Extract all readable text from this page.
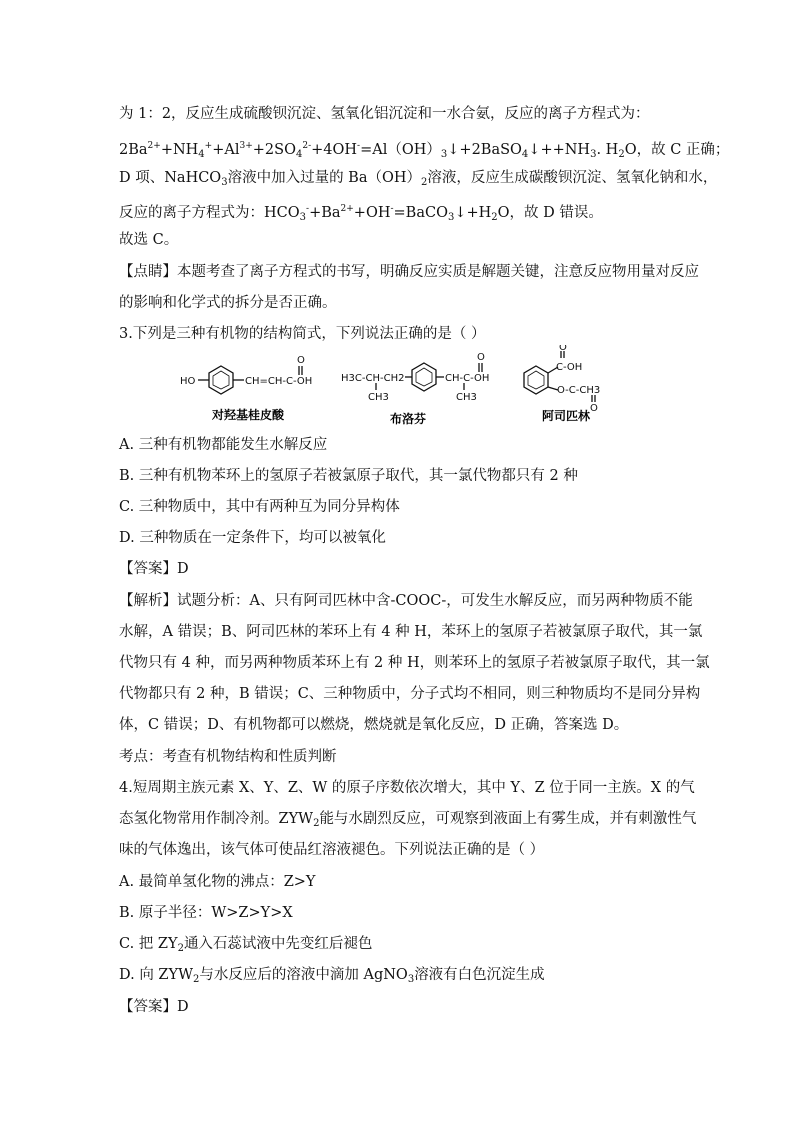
为 1：2，反应生成硫酸钡沉淀、氢氧化铝沉淀和一水合氨，反应的离子方程式为：
$2Ba^{2+}+NH_4^++Al^{3+}+2SO_4^{2-}+4OH^-=Al(OH)_3↓+2BaSO_4↓++NH_3$. $H_2O$，故 C 正确；
D 项、NaHCO$_3$溶液中加入过量的 $Ba(OH)_2$溶液，反应生成碳酸钡沉淀、氢氧化钠和水，
反应的离子方程式为：$HCO_3^-+Ba^{2+}+OH^-=BaCO_3↓+H_2O$，故 D 错误。
故选 C。
【点睛】本题考查了离子方程式的书写，明确反应实质是解题关键，注意反应物用量对反应
的影响和化学式的拆分是否正确。
3.下列是三种有机物的结构简式，下列说法正确的是（ ）
HO	CH=CH-C-OH
O
H3C-CH-CH2
CH3
CH-C-OH
O
CH3
C-OH
O
O-C-CH3
O
对羟基桂皮酸	布洛芬	阿司匹林
A. 三种有机物都能发生水解反应
B. 三种有机物苯环上的氢原子若被氯原子取代，其一氯代物都只有 2 种
C. 三种物质中，其中有两种互为同分异构体
D. 三种物质在一定条件下，均可以被氧化
【答案】D
【解析】试题分析：A、只有阿司匹林中含-COOC-，可发生水解反应，而另两种物质不能
水解，A 错误；B、阿司匹林的苯环上有 4 种 H，苯环上的氢原子若被氯原子取代，其一氯
代物只有 4 种，而另两种物质苯环上有 2 种 H，则苯环上的氢原子若被氯原子取代，其一氯
代物都只有 2 种，B 错误；C、三种物质中，分子式均不相同，则三种物质均不是同分异构
体，C 错误；D、有机物都可以燃烧，燃烧就是氧化反应，D 正确，答案选 D。
考点：考查有机物结构和性质判断
4.短周期主族元素 X、Y、Z、W 的原子序数依次增大，其中 Y、Z 位于同一主族。X 的气
态氢化物常用作制冷剂。$ZYW_2$能与水剧烈反应，可观察到液面上有雾生成，并有刺激性气
味的气体逸出，该气体可使品红溶液褪色。下列说法正确的是（ ）
A. 最简单氢化物的沸点：Z>Y
B. 原子半径：W>Z>Y>X
C. 把 $ZY_2$通入石蕊试液中先变红后褪色
D. 向 $ZYW_2$与水反应后的溶液中滴加 AgNO$_3$溶液有白色沉淀生成
【答案】D
